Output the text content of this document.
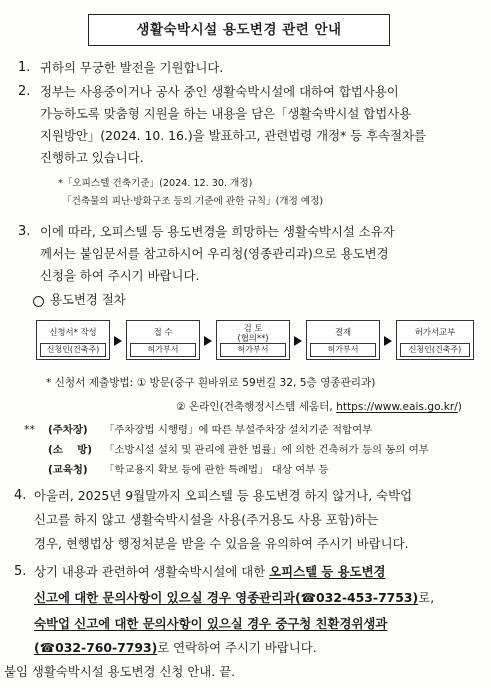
생활숙박시설 용도변경 관련 안내
1. 귀하의 무궁한 발전을 기원합니다.
2. 정부는 사용중이거나 공사 중인 생활숙박시설에 대하여 합법사용이
가능하도록 맞춤형 지원을 하는 내용을 담은「생활숙박시설 합법사용
지원방안」(2024. 10. 16.)을 발표하고, 관련법령 개정* 등 후속절차를
진행하고 있습니다.
*「오피스텔 건축기준」(2024. 12. 30. 개정)
「건축물의 피난·방화구조 등의 기준에 관한 규칙」(개정 예정)
3. 이에 따라, 오피스텔 등 용도변경을 희망하는 생활숙박시설 소유자
께서는 붙임문서를 참고하시어 우리청(영종관리과)으로 용도변경
신청을 하여 주시기 바랍니다.
용도변경 절차
신청서* 작성
신청인(건축주)
접 수
허가부서
검 토
(협의**)
허가부서
결재
허가부서
허가서교부
신청인(건축주)
* 신청서 제출방법: ① 방문(중구 흰바위로 59번길 32, 5층 영종관리과)
② 온라인(건축행정시스템 세움터, https://www.eais.go.kr/)
** (주차장) 「주차장법 시행령」에 따른 부설주차장 설치기준 적합여부
(소    방) 「소방시설 설치 및 관리에 관한 법률」에 의한 건축허가 등의 동의 여부
(교육청) 「학교용지 확보 등에 관한 특례법」 대상 여부 등
4. 아울러, 2025년 9월말까지 오피스텔 등 용도변경 하지 않거나, 숙박업
신고를 하지 않고 생활숙박시설을 사용(주거용도 사용 포함)하는
경우, 현행법상 행정처분을 받을 수 있음을 유의하여 주시기 바랍니다.
5. 상기 내용과 관련하여 생활숙박시설에 대한 오피스텔 등 용도변경
신고에 대한 문의사항이 있으실 경우 영종관리과(☎032-453-7753)로,
숙박업 신고에 대한 문의사항이 있으실 경우 중구청 친환경위생과
(☎032-760-7793)로 연락하여 주시기 바랍니다.
붙임 생활숙박시설 용도변경 신청 안내. 끝.
